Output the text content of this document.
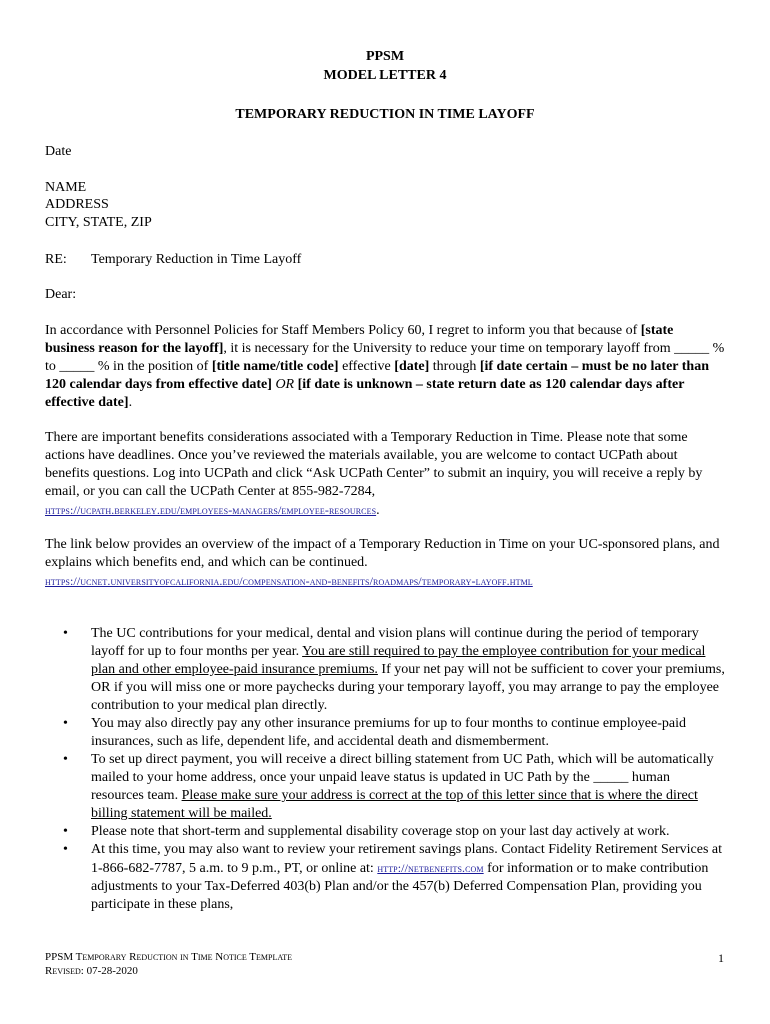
PPSM
MODEL LETTER 4
TEMPORARY REDUCTION IN TIME LAYOFF
Date
NAME
ADDRESS
CITY, STATE, ZIP
RE: Temporary Reduction in Time Layoff
Dear:
In accordance with Personnel Policies for Staff Members Policy 60, I regret to inform you that because of [state business reason for the layoff], it is necessary for the University to reduce your time on temporary layoff from _____ % to _____ % in the position of [title name/title code] effective [date] through [if date certain – must be no later than 120 calendar days from effective date] OR [if date is unknown – state return date as 120 calendar days after effective date].
There are important benefits considerations associated with a Temporary Reduction in Time. Please note that some actions have deadlines. Once you’ve reviewed the materials available, you are welcome to contact UCPath about benefits questions. Log into UCPath and click “Ask UCPath Center” to submit an inquiry, you will receive a reply by email, or you can call the UCPath Center at 855-982-7284,
https://ucpath.berkeley.edu/employees-managers/employee-resources.
The link below provides an overview of the impact of a Temporary Reduction in Time on your UC-sponsored plans, and explains which benefits end, and which can be continued.
https://ucnet.universityofcalifornia.edu/compensation-and-benefits/roadmaps/temporary-layoff.html
• The UC contributions for your medical, dental and vision plans will continue during the period of temporary layoff for up to four months per year. You are still required to pay the employee contribution for your medical plan and other employee-paid insurance premiums. If your net pay will not be sufficient to cover your premiums, OR if you will miss one or more paychecks during your temporary layoff, you may arrange to pay the employee contribution to your medical plan directly.
• You may also directly pay any other insurance premiums for up to four months to continue employee-paid insurances, such as life, dependent life, and accidental death and dismemberment.
• To set up direct payment, you will receive a direct billing statement from UC Path, which will be automatically mailed to your home address, once your unpaid leave status is updated in UC Path by the _____ human resources team. Please make sure your address is correct at the top of this letter since that is where the direct billing statement will be mailed.
• Please note that short-term and supplemental disability coverage stop on your last day actively at work.
• At this time, you may also want to review your retirement savings plans. Contact Fidelity Retirement Services at 1-866-682-7787, 5 a.m. to 9 p.m., PT, or online at: http://netbenefits.com for information or to make contribution adjustments to your Tax-Deferred 403(b) Plan and/or the 457(b) Deferred Compensation Plan, providing you participate in these plans,
PPSM Temporary Reduction in Time Notice Template
Revised: 07-28-2020
1
